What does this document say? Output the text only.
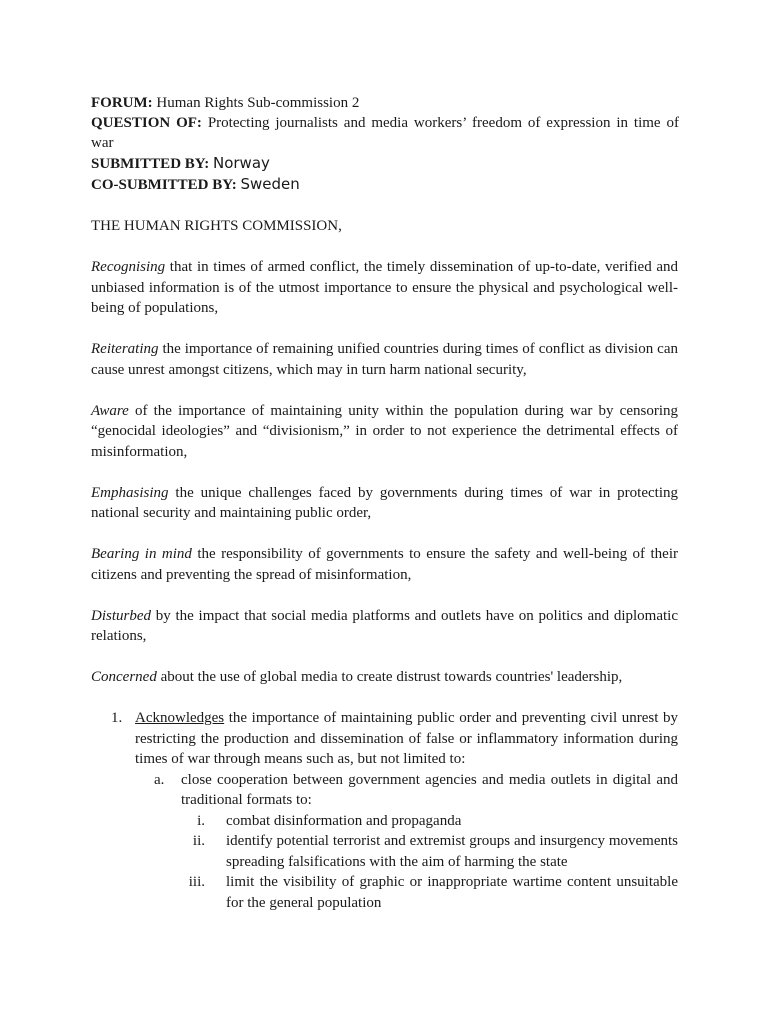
FORUM: Human Rights Sub-commission 2

QUESTION OF: Protecting journalists and media workers’ freedom of expression in time of war

SUBMITTED BY: Norway

CO-SUBMITTED BY: Sweden

THE HUMAN RIGHTS COMMISSION,

Recognising that in times of armed conflict, the timely dissemination of up-to-date, verified and unbiased information is of the utmost importance to ensure the physical and psychological well-being of populations,

Reiterating the importance of remaining unified countries during times of conflict as division can cause unrest amongst citizens, which may in turn harm national security,

Aware of the importance of maintaining unity within the population during war by censoring “genocidal ideologies” and “divisionism,” in order to not experience the detrimental effects of misinformation,

Emphasising the unique challenges faced by governments during times of war in protecting national security and maintaining public order,

Bearing in mind the responsibility of governments to ensure the safety and well-being of their citizens and preventing the spread of misinformation,

Disturbed by the impact that social media platforms and outlets have on politics and diplomatic relations,

Concerned about the use of global media to create distrust towards countries' leadership,

1. Acknowledges the importance of maintaining public order and preventing civil unrest by restricting the production and dissemination of false or inflammatory information during times of war through means such as, but not limited to:

a. close cooperation between government agencies and media outlets in digital and traditional formats to:

i. combat disinformation and propaganda

ii. identify potential terrorist and extremist groups and insurgency movements spreading falsifications with the aim of harming the state

iii. limit the visibility of graphic or inappropriate wartime content unsuitable for the general population
